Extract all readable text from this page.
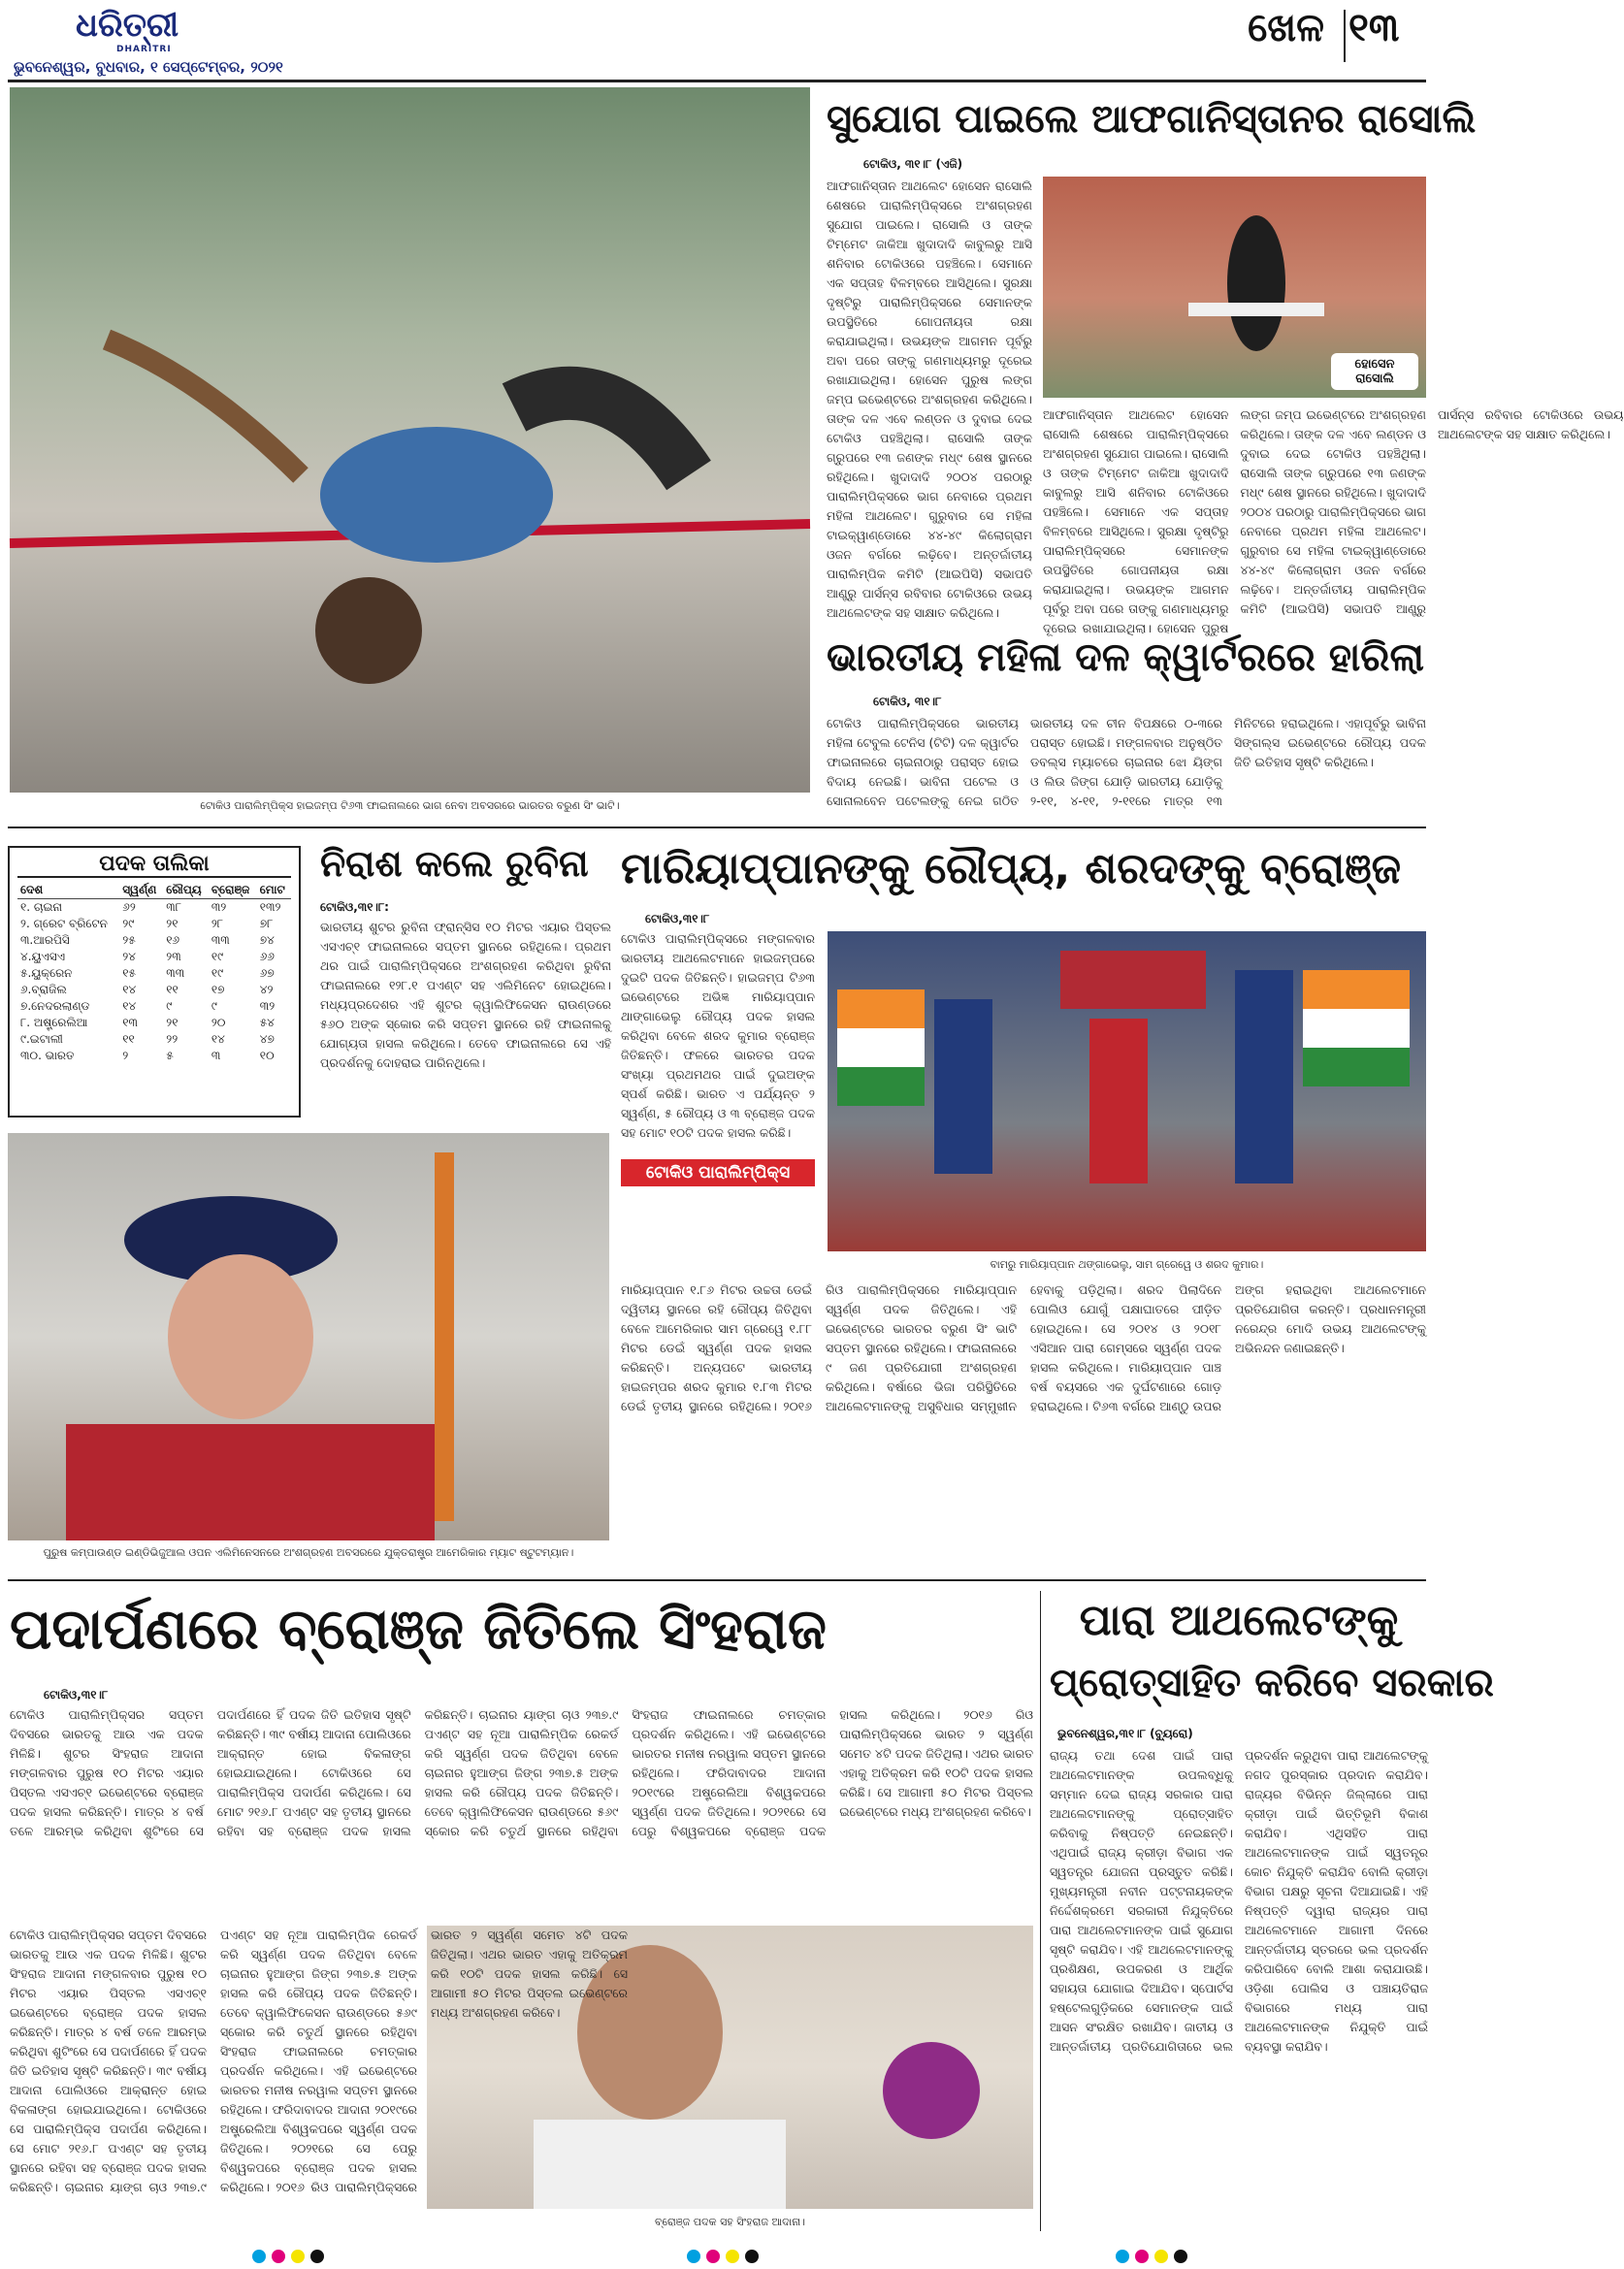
ଧରିତ୍ରୀ
DHARITRI
ଭୁବନେଶ୍ୱର, ବୁଧବାର, ୧ ସେପ୍ଟେମ୍ବର, ୨୦୨୧
ଖେଳ ୧୩
ଟୋକିଓ ପାରାଲିମ୍ପିକ୍ସ ହାଇଜମ୍ପ ଟି୬୩ ଫାଇନାଲରେ ଭାଗ ନେବା ଅବସରରେ ଭାରତର ବରୁଣ ସିଂ ଭାଟି।
ସୁଯୋଗ ପାଇଲେ ଆଫଗାନିସ୍ତାନର ରାସୋଲି
ଟୋକିଓ, ୩୧।୮ (ଏଜି)
ଆଫଗାନିସ୍ତାନ ଆଥଲେଟ ହୋସେନ ରାସୋଲି ଶେଷରେ ପାରାଲିମ୍ପିକ୍ସରେ ଅଂଶଗ୍ରହଣ ସୁଯୋଗ ପାଇଲେ। ରାସୋଲି ଓ ତାଙ୍କ ଟିମ୍‌ମେଟ ଜାକିଆ ଖୁଦାଦାଦି କାବୁଲରୁ ଆସି ଶନିବାର ଟୋକିଓରେ ପହଞ୍ଚିଲେ। ସେମାନେ ଏକ ସପ୍ତାହ ବିଳମ୍ବରେ ଆସିଥିଲେ। ସୁରକ୍ଷା ଦୃଷ୍ଟିରୁ ପାରାଲିମ୍ପିକ୍ସରେ ସେମାନଙ୍କ ଉପସ୍ଥିତିରେ ଗୋପନୀୟତା ରକ୍ଷା କରାଯାଇଥିଲା। ଉଭୟଙ୍କ ଆଗମନ ପୂର୍ବରୁ ଅବା ପରେ ତାଙ୍କୁ ଗଣମାଧ୍ୟମରୁ ଦୂରେଇ ରଖାଯାଇଥିଲା। ହୋସେନ ପୁରୁଷ ଲଙ୍ଗ ଜମ୍ପ ଇଭେଣ୍ଟରେ ଅଂଶଗ୍ରହଣ କରିଥିଲେ। ତାଙ୍କ ଦଳ ଏବେ ଲଣ୍ଡନ ଓ ଦୁବାଇ ଦେଇ ଟୋକିଓ ପହଞ୍ଚିଥିଲା। ରାସୋଲି ତାଙ୍କ ଗ୍ରୁପରେ ୧୩ ଜଣଙ୍କ ମଧ୍୯ ଶେଷ ସ୍ଥାନରେ ରହିଥିଲେ। ଖୁଦାଦାଦି ୨୦୦୪ ପରଠାରୁ ପାରାଲିମ୍ପିକ୍ସରେ ଭାଗ ନେବାରେ ପ୍ରଥମ ମହିଳା ଆଥଲେଟ। ଗୁରୁବାର ସେ ମହିଳା ଟାଇକ୍ୱାଣ୍ଡୋରେ ୪୪-୪୯ କିଲୋଗ୍ରାମ ଓଜନ ବର୍ଗରେ ଲଢ଼ିବେ। ଅନ୍ତର୍ଜାତୀୟ ପାରାଲିମ୍ପିକ କମିଟି (ଆଇପିସି) ସଭାପତି ଆଣ୍ଡ୍ରୁ ପାର୍ସନ୍ସ ରବିବାର ଟୋକିଓରେ ଉଭୟ ଆଥଲେଟଙ୍କ ସହ ସାକ୍ଷାତ କରିଥିଲେ।
ହୋସେନ ରାସୋଲି
ଆଫଗାନିସ୍ତାନ ଆଥଲେଟ ହୋସେନ ରାସୋଲି ଶେଷରେ ପାରାଲିମ୍ପିକ୍ସରେ ଅଂଶଗ୍ରହଣ ସୁଯୋଗ ପାଇଲେ। ରାସୋଲି ଓ ତାଙ୍କ ଟିମ୍‌ମେଟ ଜାକିଆ ଖୁଦାଦାଦି କାବୁଲରୁ ଆସି ଶନିବାର ଟୋକିଓରେ ପହଞ୍ଚିଲେ। ସେମାନେ ଏକ ସପ୍ତାହ ବିଳମ୍ବରେ ଆସିଥିଲେ। ସୁରକ୍ଷା ଦୃଷ୍ଟିରୁ ପାରାଲିମ୍ପିକ୍ସରେ ସେମାନଙ୍କ ଉପସ୍ଥିତିରେ ଗୋପନୀୟତା ରକ୍ଷା କରାଯାଇଥିଲା। ଉଭୟଙ୍କ ଆଗମନ ପୂର୍ବରୁ ଅବା ପରେ ତାଙ୍କୁ ଗଣମାଧ୍ୟମରୁ ଦୂରେଇ ରଖାଯାଇଥିଲା। ହୋସେନ ପୁରୁଷ ଲଙ୍ଗ ଜମ୍ପ ଇଭେଣ୍ଟରେ ଅଂଶଗ୍ରହଣ କରିଥିଲେ। ତାଙ୍କ ଦଳ ଏବେ ଲଣ୍ଡନ ଓ ଦୁବାଇ ଦେଇ ଟୋକିଓ ପହଞ୍ଚିଥିଲା। ରାସୋଲି ତାଙ୍କ ଗ୍ରୁପରେ ୧୩ ଜଣଙ୍କ ମଧ୍୯ ଶେଷ ସ୍ଥାନରେ ରହିଥିଲେ। ଖୁଦାଦାଦି ୨୦୦୪ ପରଠାରୁ ପାରାଲିମ୍ପିକ୍ସରେ ଭାଗ ନେବାରେ ପ୍ରଥମ ମହିଳା ଆଥଲେଟ। ଗୁରୁବାର ସେ ମହିଳା ଟାଇକ୍ୱାଣ୍ଡୋରେ ୪୪-୪୯ କିଲୋଗ୍ରାମ ଓଜନ ବର୍ଗରେ ଲଢ଼ିବେ। ଅନ୍ତର୍ଜାତୀୟ ପାରାଲିମ୍ପିକ କମିଟି (ଆଇପିସି) ସଭାପତି ଆଣ୍ଡ୍ରୁ ପାର୍ସନ୍ସ ରବିବାର ଟୋକିଓରେ ଉଭୟ ଆଥଲେଟଙ୍କ ସହ ସାକ୍ଷାତ କରିଥିଲେ।
ଭାରତୀୟ ମହିଳା ଦଳ କ୍ୱାର୍ଟରରେ ହାରିଲା
ଟୋକିଓ, ୩୧।୮
ଟୋକିଓ ପାରାଲିମ୍ପିକ୍ସରେ ଭାରତୀୟ ମହିଳା ଟେବୁଲ ଟେନିସ (ଟିଟି) ଦଳ କ୍ୱାର୍ଟର ଫାଇନାଲରେ ଚାଇନାଠାରୁ ପରାସ୍ତ ହୋଇ ବିଦାୟ ନେଇଛି। ଭାବିନା ପଟେଲ ଓ ସୋନାଲବେନ ପଟେଲଙ୍କୁ ନେଇ ଗଠିତ ଭାରତୀୟ ଦଳ ଚୀନ ବିପକ୍ଷରେ ୦-୩ରେ ପରାସ୍ତ ହୋଇଛି। ମଙ୍ଗଳବାର ଅନୁଷ୍ଠିତ ଡବଲ୍ସ ମ୍ୟାଚରେ ଚାଇନାର ଝୋ ୟିଙ୍ଗ ଓ ଲିଉ ଜିଙ୍ଗ ଯୋଡ଼ି ଭାରତୀୟ ଯୋଡ଼ିକୁ ୨-୧୧, ୪-୧୧, ୨-୧୧ରେ ମାତ୍ର ୧୩ ମିନିଟରେ ହରାଇଥିଲେ। ଏହାପୂର୍ବରୁ ଭାବିନା ସିଙ୍ଗଲ୍ସ ଇଭେଣ୍ଟରେ ରୌପ୍ୟ ପଦକ ଜିତି ଇତିହାସ ସୃଷ୍ଟି କରିଥିଲେ।
ପଦକ ତାଲିକା
ଦେଶ	ସ୍ୱର୍ଣ୍ଣ	ରୌପ୍ୟ	ବ୍ରୋଞ୍ଜ	ମୋଟ
୧. ଚାଇନା	୬୨	୩୮	୩୨	୧୩୨
୨. ଗ୍ରେଟ ବ୍ରିଟେନ	୨୯	୨୧	୨୮	୭୮
୩.ଆରପିସି	୨୫	୧୬	୩୩	୭୪
୪.ୟୁଏସଏ	୨୪	୨୩	୧୯	୬୬
୫.ୟୁକ୍ରେନ	୧୫	୩୩	୧୯	୬୭
୬.ବ୍ରାଜିଲ	୧୪	୧୧	୧୭	୪୨
୭.ନେଦରଲାଣ୍ଡ	୧୪	୯	୯	୩୨
୮. ଅଷ୍ଟ୍ରେଲିଆ	୧୩	୨୧	୨୦	୫୪
୯.ଇଟାଲୀ	୧୧	୨୨	୧୪	୪୭
୩୦. ଭାରତ	୨	୫	୩	୧୦
ନିରାଶ କଲେ ରୁବିନା
ଟୋକିଓ,୩୧।୮:
ଭାରତୀୟ ଶୁଟର ରୁବିନା ଫ୍ରାନ୍ସିସ ୧୦ ମିଟର ଏୟାର ପିସ୍ତଲ ଏସଏଚ୍‌୧ ଫାଇନାଲରେ ସପ୍ତମ ସ୍ଥାନରେ ରହିଥିଲେ। ପ୍ରଥମ ଥର ପାଇଁ ପାରାଲିମ୍ପିକ୍ସରେ ଅଂଶଗ୍ରହଣ କରିଥିବା ରୁବିନା ଫାଇନାଲରେ ୧୨୮.୧ ପଏଣ୍ଟ ସହ ଏଲିମିନେଟ ହୋଇଥିଲେ। ମଧ୍ୟପ୍ରଦେଶର ଏହି ଶୁଟର କ୍ୱାଲିଫିକେସନ ରାଉଣ୍ଡରେ ୫୬୦ ଅଙ୍କ ସ୍କୋର କରି ସପ୍ତମ ସ୍ଥାନରେ ରହି ଫାଇନାଲକୁ ଯୋଗ୍ୟତା ହାସଲ କରିଥିଲେ। ତେବେ ଫାଇନାଲରେ ସେ ଏହି ପ୍ରଦର୍ଶନକୁ ଦୋହରାଇ ପାରିନଥିଲେ।
ମାରିୟାପ୍ପାନଙ୍କୁ ରୌପ୍ୟ, ଶରଦଙ୍କୁ ବ୍ରୋଞ୍ଜ
ଟୋକିଓ,୩୧।୮
ଟୋକିଓ ପାରାଲିମ୍ପିକ୍ସରେ ମଙ୍ଗଳବାର ଭାରତୀୟ ଆଥଲେଟମାନେ ହାଇଜମ୍ପରେ ଦୁଇଟି ପଦକ ଜିତିଛନ୍ତି। ହାଇଜମ୍ପ ଟି୬୩ ଇଭେଣ୍ଟରେ ଅଭିଜ୍ଞ ମାରିୟାପ୍ପାନ ଥାଙ୍ଗାଭେଲୁ ରୌପ୍ୟ ପଦକ ହାସଲ କରିଥିବା ବେଳେ ଶରଦ କୁମାର ବ୍ରୋଞ୍ଜ ଜିତିଛନ୍ତି। ଫଳରେ ଭାରତର ପଦକ ସଂଖ୍ୟା ପ୍ରଥମଥର ପାଇଁ ଦୁଇଅଙ୍କ ସ୍ପର୍ଶ କରିଛି। ଭାରତ ଏ ପର୍ଯ୍ୟନ୍ତ ୨ ସ୍ୱର୍ଣ୍ଣ, ୫ ରୌପ୍ୟ ଓ ୩ ବ୍ରୋଞ୍ଜ ପଦକ ସହ ମୋଟ ୧୦ଟି ପଦକ ହାସଲ କରିଛି।
ଟୋକିଓ ପାରାଲିମ୍ପିକ୍ସ
ବାମରୁ ମାରିୟାପ୍ପାନ ଥଙ୍ଗାଭେଲୁ, ସାମ ଗ୍ରେୱେ ଓ ଶରଦ କୁମାର।
ମାରିୟାପ୍ପାନ ୧.୮୬ ମିଟର ଉଚ୍ଚତା ଡେଇଁ ଦ୍ୱିତୀୟ ସ୍ଥାନରେ ରହି ରୌପ୍ୟ ଜିତିଥିବା ବେଳେ ଆମେରିକାର ସାମ ଗ୍ରେୱେ ୧.୮୮ ମିଟର ଡେଇଁ ସ୍ୱର୍ଣ୍ଣ ପଦକ ହାସଲ କରିଛନ୍ତି। ଅନ୍ୟପଟେ ଭାରତୀୟ ହାଇଜମ୍ପର ଶରଦ କୁମାର ୧.୮୩ ମିଟର ଡେଇଁ ତୃତୀୟ ସ୍ଥାନରେ ରହିଥିଲେ। ୨୦୧୬ ରିଓ ପାରାଲିମ୍ପିକ୍ସରେ ମାରିୟାପ୍ପାନ ସ୍ୱର୍ଣ୍ଣ ପଦକ ଜିତିଥିଲେ। ଏହି ଇଭେଣ୍ଟରେ ଭାରତର ବରୁଣ ସିଂ ଭାଟି ସପ୍ତମ ସ୍ଥାନରେ ରହିଥିଲେ। ଫାଇନାଲରେ ୯ ଜଣ ପ୍ରତିଯୋଗୀ ଅଂଶଗ୍ରହଣ କରିଥିଲେ। ବର୍ଷାରେ ଭିଜା ପରିସ୍ଥିତିରେ ଆଥଲେଟମାନଙ୍କୁ ଅସୁବିଧାର ସମ୍ମୁଖୀନ ହେବାକୁ ପଡ଼ିଥିଲା। ଶରଦ ପିଲାଦିନେ ପୋଲିଓ ଯୋଗୁଁ ପକ୍ଷାଘାତରେ ପୀଡ଼ିତ ହୋଇଥିଲେ। ସେ ୨୦୧୪ ଓ ୨୦୧୮ ଏସିଆନ ପାରା ଗେମ୍ସରେ ସ୍ୱର୍ଣ୍ଣ ପଦକ ହାସଲ କରିଥିଲେ। ମାରିୟାପ୍ପାନ ପାଞ୍ଚ ବର୍ଷ ବୟସରେ ଏକ ଦୁର୍ଘଟଣାରେ ଗୋଡ଼ ହରାଇଥିଲେ। ଟି୬୩ ବର୍ଗରେ ଆଣ୍ଠୁ ଉପର ଅଙ୍ଗ ହରାଇଥିବା ଆଥଲେଟମାନେ ପ୍ରତିଯୋଗିତା କରନ୍ତି। ପ୍ରଧାନମନ୍ତ୍ରୀ ନରେନ୍ଦ୍ର ମୋଦି ଉଭୟ ଆଥଲେଟଙ୍କୁ ଅଭିନନ୍ଦନ ଜଣାଇଛନ୍ତି।
ପୁରୁଷ କମ୍ପାଉଣ୍ଡ ଇଣ୍ଡିଭିଜୁଆଲ ଓପନ ଏଲିମିନେସନରେ ଅଂଶଗ୍ରହଣ ଅବସରରେ ଯୁକ୍ତରାଷ୍ଟ୍ର ଆମେରିକାର ମ୍ୟାଟ ଷ୍ଟୁଟମ୍ୟାନ।
ପଦାର୍ପଣରେ ବ୍ରୋଞ୍ଜ ଜିତିଲେ ସିଂହରାଜ
ଟୋକିଓ,୩୧।୮
ଟୋକିଓ ପାରାଲିମ୍ପିକ୍ସର ସପ୍ତମ ଦିବସରେ ଭାରତକୁ ଆଉ ଏକ ପଦକ ମିଳିଛି। ଶୁଟର ସିଂହରାଜ ଆଦାନା ମଙ୍ଗଳବାର ପୁରୁଷ ୧୦ ମିଟର ଏୟାର ପିସ୍ତଲ ଏସଏଚ୍‌୧ ଇଭେଣ୍ଟରେ ବ୍ରୋଞ୍ଜ ପଦକ ହାସଲ କରିଛନ୍ତି। ମାତ୍ର ୪ ବର୍ଷ ତଳେ ଆରମ୍ଭ କରିଥିବା ଶୁଟିଂରେ ସେ ପଦାର୍ପଣରେ ହିଁ ପଦକ ଜିତି ଇତିହାସ ସୃଷ୍ଟି କରିଛନ୍ତି। ୩୯ ବର୍ଷୀୟ ଆଦାନା ପୋଲିଓରେ ଆକ୍ରାନ୍ତ ହୋଇ ବିକଳାଙ୍ଗ ହୋଇଯାଇଥିଲେ। ଟୋକିଓରେ ସେ ପାରାଲିମ୍ପିକ୍ସ ପଦାର୍ପଣ କରିଥିଲେ। ସେ ମୋଟ ୨୧୬.୮ ପଏଣ୍ଟ ସହ ତୃତୀୟ ସ୍ଥାନରେ ରହିବା ସହ ବ୍ରୋଞ୍ଜ ପଦକ ହାସଲ କରିଛନ୍ତି। ଚାଇନାର ୟାଙ୍ଗ ଚାଓ ୨୩୭.୯ ପଏଣ୍ଟ ସହ ନୂଆ ପାରାଲିମ୍ପିକ ରେକର୍ଡ କରି ସ୍ୱର୍ଣ୍ଣ ପଦକ ଜିତିଥିବା ବେଳେ ଚାଇନାର ହୁଆଙ୍ଗ ଜିଙ୍ଗ ୨୩୭.୫ ଅଙ୍କ ହାସଲ କରି ରୌପ୍ୟ ପଦକ ଜିତିଛନ୍ତି। ତେବେ କ୍ୱାଲିଫିକେସନ ରାଉଣ୍ଡରେ ୫୬୯ ସ୍କୋର କରି ଚତୁର୍ଥ ସ୍ଥାନରେ ରହିଥିବା ସିଂହରାଜ ଫାଇନାଲରେ ଚମତ୍କାର ପ୍ରଦର୍ଶନ କରିଥିଲେ। ଏହି ଇଭେଣ୍ଟରେ ଭାରତର ମନୀଷ ନରୱାଲ ସପ୍ତମ ସ୍ଥାନରେ ରହିଥିଲେ। ଫରିଦାବାଦର ଆଦାନା ୨୦୧୯ରେ ଅଷ୍ଟ୍ରେଲିଆ ବିଶ୍ୱକପରେ ସ୍ୱର୍ଣ୍ଣ ପଦକ ଜିତିଥିଲେ। ୨୦୨୧ରେ ସେ ପେରୁ ବିଶ୍ୱକପରେ ବ୍ରୋଞ୍ଜ ପଦକ ହାସଲ କରିଥିଲେ। ୨୦୧୬ ରିଓ ପାରାଲିମ୍ପିକ୍ସରେ ଭାରତ ୨ ସ୍ୱର୍ଣ୍ଣ ସମେତ ୪ଟି ପଦକ ଜିତିଥିଲା। ଏଥର ଭାରତ ଏହାକୁ ଅତିକ୍ରମ କରି ୧୦ଟି ପଦକ ହାସଲ କରିଛି। ସେ ଆଗାମୀ ୫୦ ମିଟର ପିସ୍ତଲ ଇଭେଣ୍ଟରେ ମଧ୍ୟ ଅଂଶଗ୍ରହଣ କରିବେ।
ଟୋକିଓ ପାରାଲିମ୍ପିକ୍ସର ସପ୍ତମ ଦିବସରେ ଭାରତକୁ ଆଉ ଏକ ପଦକ ମିଳିଛି। ଶୁଟର ସିଂହରାଜ ଆଦାନା ମଙ୍ଗଳବାର ପୁରୁଷ ୧୦ ମିଟର ଏୟାର ପିସ୍ତଲ ଏସଏଚ୍‌୧ ଇଭେଣ୍ଟରେ ବ୍ରୋଞ୍ଜ ପଦକ ହାସଲ କରିଛନ୍ତି। ମାତ୍ର ୪ ବର୍ଷ ତଳେ ଆରମ୍ଭ କରିଥିବା ଶୁଟିଂରେ ସେ ପଦାର୍ପଣରେ ହିଁ ପଦକ ଜିତି ଇତିହାସ ସୃଷ୍ଟି କରିଛନ୍ତି। ୩୯ ବର୍ଷୀୟ ଆଦାନା ପୋଲିଓରେ ଆକ୍ରାନ୍ତ ହୋଇ ବିକଳାଙ୍ଗ ହୋଇଯାଇଥିଲେ। ଟୋକିଓରେ ସେ ପାରାଲିମ୍ପିକ୍ସ ପଦାର୍ପଣ କରିଥିଲେ। ସେ ମୋଟ ୨୧୬.୮ ପଏଣ୍ଟ ସହ ତୃତୀୟ ସ୍ଥାନରେ ରହିବା ସହ ବ୍ରୋଞ୍ଜ ପଦକ ହାସଲ କରିଛନ୍ତି। ଚାଇନାର ୟାଙ୍ଗ ଚାଓ ୨୩୭.୯ ପଏଣ୍ଟ ସହ ନୂଆ ପାରାଲିମ୍ପିକ ରେକର୍ଡ କରି ସ୍ୱର୍ଣ୍ଣ ପଦକ ଜିତିଥିବା ବେଳେ ଚାଇନାର ହୁଆଙ୍ଗ ଜିଙ୍ଗ ୨୩୭.୫ ଅଙ୍କ ହାସଲ କରି ରୌପ୍ୟ ପଦକ ଜିତିଛନ୍ତି। ତେବେ କ୍ୱାଲିଫିକେସନ ରାଉଣ୍ଡରେ ୫୬୯ ସ୍କୋର କରି ଚତୁର୍ଥ ସ୍ଥାନରେ ରହିଥିବା ସିଂହରାଜ ଫାଇନାଲରେ ଚମତ୍କାର ପ୍ରଦର୍ଶନ କରିଥିଲେ। ଏହି ଇଭେଣ୍ଟରେ ଭାରତର ମନୀଷ ନରୱାଲ ସପ୍ତମ ସ୍ଥାନରେ ରହିଥିଲେ। ଫରିଦାବାଦର ଆଦାନା ୨୦୧୯ରେ ଅଷ୍ଟ୍ରେଲିଆ ବିଶ୍ୱକପରେ ସ୍ୱର୍ଣ୍ଣ ପଦକ ଜିତିଥିଲେ। ୨୦୨୧ରେ ସେ ପେରୁ ବିଶ୍ୱକପରେ ବ୍ରୋଞ୍ଜ ପଦକ ହାସଲ କରିଥିଲେ। ୨୦୧୬ ରିଓ ପାରାଲିମ୍ପିକ୍ସରେ
ବ୍ରୋଞ୍ଜ ପଦକ ସହ ସିଂହରାଜ ଆଦାନା।
ପାରା ଆଥଲେଟଙ୍କୁ
ପ୍ରୋତ୍ସାହିତ କରିବେ ସରକାର
ଭୁବନେଶ୍ୱର,୩୧।୮ (ବ୍ୟୁରୋ)
ରାଜ୍ୟ ତଥା ଦେଶ ପାଇଁ ପାରା ଆଥଲେଟମାନଙ୍କ ଉପଲବ୍ଧିକୁ ସମ୍ମାନ ଦେଇ ରାଜ୍ୟ ସରକାର ପାରା ଆଥଲେଟମାନଙ୍କୁ ପ୍ରୋତ୍ସାହିତ କରିବାକୁ ନିଷ୍ପତ୍ତି ନେଇଛନ୍ତି। ଏଥିପାଇଁ ରାଜ୍ୟ କ୍ରୀଡ଼ା ବିଭାଗ ଏକ ସ୍ୱତନ୍ତ୍ର ଯୋଜନା ପ୍ରସ୍ତୁତ କରିଛି। ମୁଖ୍ୟମନ୍ତ୍ରୀ ନବୀନ ପଟ୍ଟନାୟକଙ୍କ ନିର୍ଦ୍ଦେଶକ୍ରମେ ସରକାରୀ ନିଯୁକ୍ତିରେ ପାରା ଆଥଲେଟମାନଙ୍କ ପାଇଁ ସୁଯୋଗ ସୃଷ୍ଟି କରାଯିବ। ଏହି ଆଥଲେଟମାନଙ୍କୁ ପ୍ରଶିକ୍ଷଣ, ଉପକରଣ ଓ ଆର୍ଥିକ ସହାୟତା ଯୋଗାଇ ଦିଆଯିବ। ସ୍ପୋର୍ଟସ ହଷ୍ଟେଲଗୁଡ଼ିକରେ ସେମାନଙ୍କ ପାଇଁ ଆସନ ସଂରକ୍ଷିତ ରଖାଯିବ। ଜାତୀୟ ଓ ଆନ୍ତର୍ଜାତୀୟ ପ୍ରତିଯୋଗିତାରେ ଭଲ ପ୍ରଦର୍ଶନ କରୁଥିବା ପାରା ଆଥଲେଟଙ୍କୁ ନଗଦ ପୁରସ୍କାର ପ୍ରଦାନ କରାଯିବ। ରାଜ୍ୟର ବିଭିନ୍ନ ଜିଲ୍ଲାରେ ପାରା କ୍ରୀଡ଼ା ପାଇଁ ଭିତ୍ତିଭୂମି ବିକାଶ କରାଯିବ। ଏଥିସହିତ ପାରା ଆଥଲେଟମାନଙ୍କ ପାଇଁ ସ୍ୱତନ୍ତ୍ର କୋଚ ନିଯୁକ୍ତି କରାଯିବ ବୋଲି କ୍ରୀଡ଼ା ବିଭାଗ ପକ୍ଷରୁ ସୂଚନା ଦିଆଯାଇଛି। ଏହି ନିଷ୍ପତ୍ତି ଦ୍ୱାରା ରାଜ୍ୟର ପାରା ଆଥଲେଟମାନେ ଆଗାମୀ ଦିନରେ ଆନ୍ତର୍ଜାତୀୟ ସ୍ତରରେ ଭଲ ପ୍ରଦର୍ଶନ କରିପାରିବେ ବୋଲି ଆଶା କରାଯାଉଛି। ଓଡ଼ିଶା ପୋଲିସ ଓ ପଞ୍ଚାୟତିରାଜ ବିଭାଗରେ ମଧ୍ୟ ପାରା ଆଥଲେଟମାନଙ୍କ ନିଯୁକ୍ତି ପାଇଁ ବ୍ୟବସ୍ଥା କରାଯିବ।
